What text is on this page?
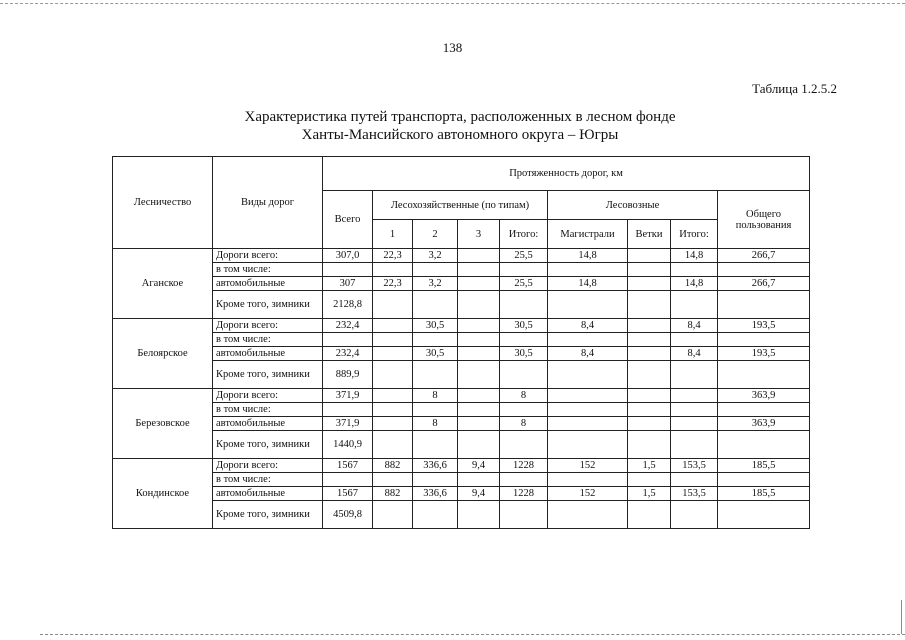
138
Таблица 1.2.5.2
Характеристика путей транспорта, расположенных в лесном фонде
Ханты-Мансийского автономного округа – Югры
Лесничество	Виды дорог	Протяженность дорог, км								
		Всего	Лесохозяйственные (по типам)				Лесовозные			Общего пользования
			1	2	3	Итого:	Магистрали	Ветки	Итого:	
Аганское	Дороги всего:	307,0	22,3	3,2		25,5	14,8		14,8	266,7
	в том числе:									
	автомобильные	307	22,3	3,2		25,5	14,8		14,8	266,7
	Кроме того, зимники	2128,8								
Белоярское	Дороги всего:	232,4		30,5		30,5	8,4		8,4	193,5
	в том числе:									
	автомобильные	232,4		30,5		30,5	8,4		8,4	193,5
	Кроме того, зимники	889,9								
Березовское	Дороги всего:	371,9		8		8				363,9
	в том числе:									
	автомобильные	371,9		8		8				363,9
	Кроме того, зимники	1440,9								
Кондинское	Дороги всего:	1567	882	336,6	9,4	1228	152	1,5	153,5	185,5
	в том числе:									
	автомобильные	1567	882	336,6	9,4	1228	152	1,5	153,5	185,5
	Кроме того, зимники	4509,8								
